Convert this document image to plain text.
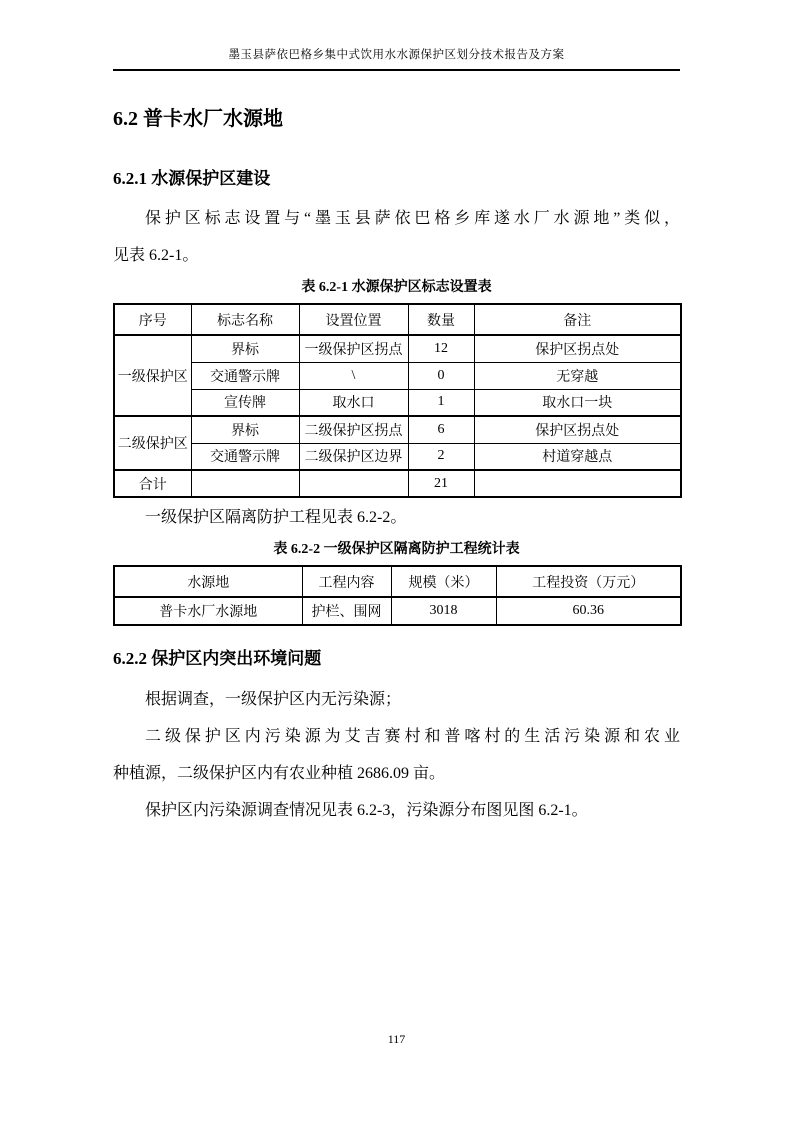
墨玉县萨依巴格乡集中式饮用水水源保护区划分技术报告及方案
6.2 普卡水厂水源地
6.2.1 水源保护区建设

保护区标志设置与“墨玉县萨依巴格乡库遂水厂水源地”类似，

见表 6.2-1。

表 6.2-1 水源保护区标志设置表
序号	标志名称	设置位置	数量	备注
一级保护区	界标	一级保护区拐点	12	保护区拐点处
	交通警示牌	\	0	无穿越
	宣传牌	取水口	1	取水口一块
二级保护区	界标	二级保护区拐点	6	保护区拐点处
	交通警示牌	二级保护区边界	2	村道穿越点
合计			21	

一级保护区隔离防护工程见表 6.2-2。

表 6.2-2 一级保护区隔离防护工程统计表
水源地	工程内容	规模（米）	工程投资（万元）
普卡水厂水源地	护栏、围网	3018	60.36
6.2.2 保护区内突出环境问题

根据调查，一级保护区内无污染源；

二级保护区内污染源为艾吉赛村和普喀村的生活污染源和农业

种植源，二级保护区内有农业种植 2686.09 亩。

保护区内污染源调查情况见表 6.2-3，污染源分布图见图 6.2-1。

117
